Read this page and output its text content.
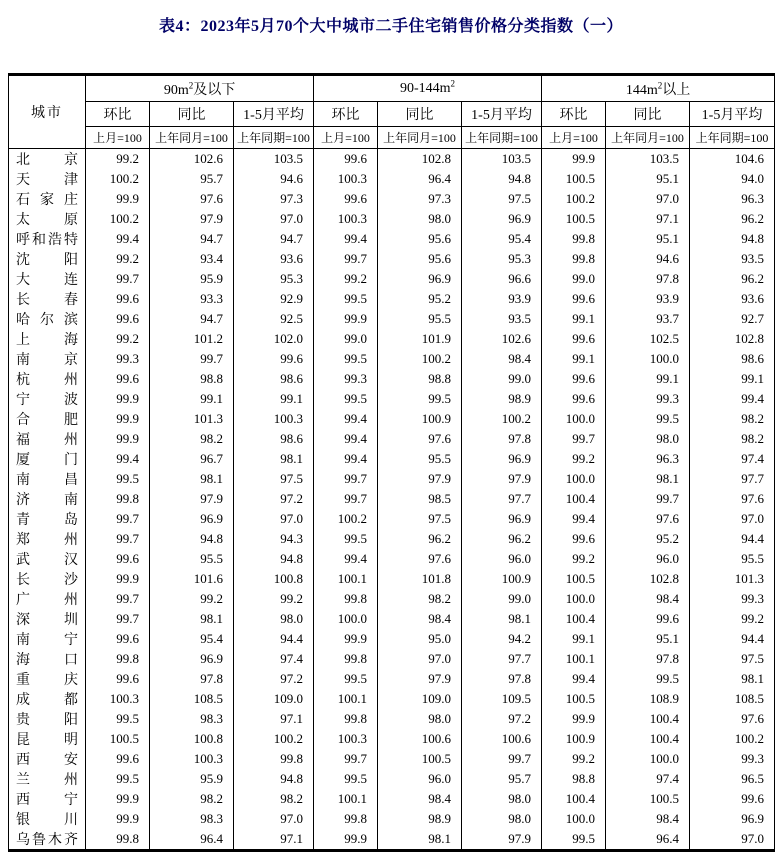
表4：2023年5月70个大中城市二手住宅销售价格分类指数（一）
城市	$90m^2$及以下			$90-144m^2$			$144m^2$以上		
	环比	同比	1-5月平均	环比	同比	1-5月平均	环比	同比	1-5月平均
	上月=100	上年同月=100	上年同期=100	上月=100	上年同月=100	上年同期=100	上月=100	上年同月=100	上年同期=100
北京	99.2	102.6	103.5	99.6	102.8	103.5	99.9	103.5	104.6
天津	100.2	95.7	94.6	100.3	96.4	94.8	100.5	95.1	94.0
石家庄	99.9	97.6	97.3	99.6	97.3	97.5	100.2	97.0	96.3
太原	100.2	97.9	97.0	100.3	98.0	96.9	100.5	97.1	96.2
呼和浩特	99.4	94.7	94.7	99.4	95.6	95.4	99.8	95.1	94.8
沈阳	99.2	93.4	93.6	99.7	95.6	95.3	99.8	94.6	93.5
大连	99.7	95.9	95.3	99.2	96.9	96.6	99.0	97.8	96.2
长春	99.6	93.3	92.9	99.5	95.2	93.9	99.6	93.9	93.6
哈尔滨	99.6	94.7	92.5	99.9	95.5	93.5	99.1	93.7	92.7
上海	99.2	101.2	102.0	99.0	101.9	102.6	99.6	102.5	102.8
南京	99.3	99.7	99.6	99.5	100.2	98.4	99.1	100.0	98.6
杭州	99.6	98.8	98.6	99.3	98.8	99.0	99.6	99.1	99.1
宁波	99.9	99.1	99.1	99.5	99.5	98.9	99.6	99.3	99.4
合肥	99.9	101.3	100.3	99.4	100.9	100.2	100.0	99.5	98.2
福州	99.9	98.2	98.6	99.4	97.6	97.8	99.7	98.0	98.2
厦门	99.4	96.7	98.1	99.4	95.5	96.9	99.2	96.3	97.4
南昌	99.5	98.1	97.5	99.7	97.9	97.9	100.0	98.1	97.7
济南	99.8	97.9	97.2	99.7	98.5	97.7	100.4	99.7	97.6
青岛	99.7	96.9	97.0	100.2	97.5	96.9	99.4	97.6	97.0
郑州	99.7	94.8	94.3	99.5	96.2	96.2	99.6	95.2	94.4
武汉	99.6	95.5	94.8	99.4	97.6	96.0	99.2	96.0	95.5
长沙	99.9	101.6	100.8	100.1	101.8	100.9	100.5	102.8	101.3
广州	99.7	99.2	99.2	99.8	98.2	99.0	100.0	98.4	99.3
深圳	99.7	98.1	98.0	100.0	98.4	98.1	100.4	99.6	99.2
南宁	99.6	95.4	94.4	99.9	95.0	94.2	99.1	95.1	94.4
海口	99.8	96.9	97.4	99.8	97.0	97.7	100.1	97.8	97.5
重庆	99.6	97.8	97.2	99.5	97.9	97.8	99.4	99.5	98.1
成都	100.3	108.5	109.0	100.1	109.0	109.5	100.5	108.9	108.5
贵阳	99.5	98.3	97.1	99.8	98.0	97.2	99.9	100.4	97.6
昆明	100.5	100.8	100.2	100.3	100.6	100.6	100.9	100.4	100.2
西安	99.6	100.3	99.8	99.7	100.5	99.7	99.2	100.0	99.3
兰州	99.5	95.9	94.8	99.5	96.0	95.7	98.8	97.4	96.5
西宁	99.9	98.2	98.2	100.1	98.4	98.0	100.4	100.5	99.6
银川	99.9	98.3	97.0	99.8	98.9	98.0	100.0	98.4	96.9
乌鲁木齐	99.8	96.4	97.1	99.9	98.1	97.9	99.5	96.4	97.0
